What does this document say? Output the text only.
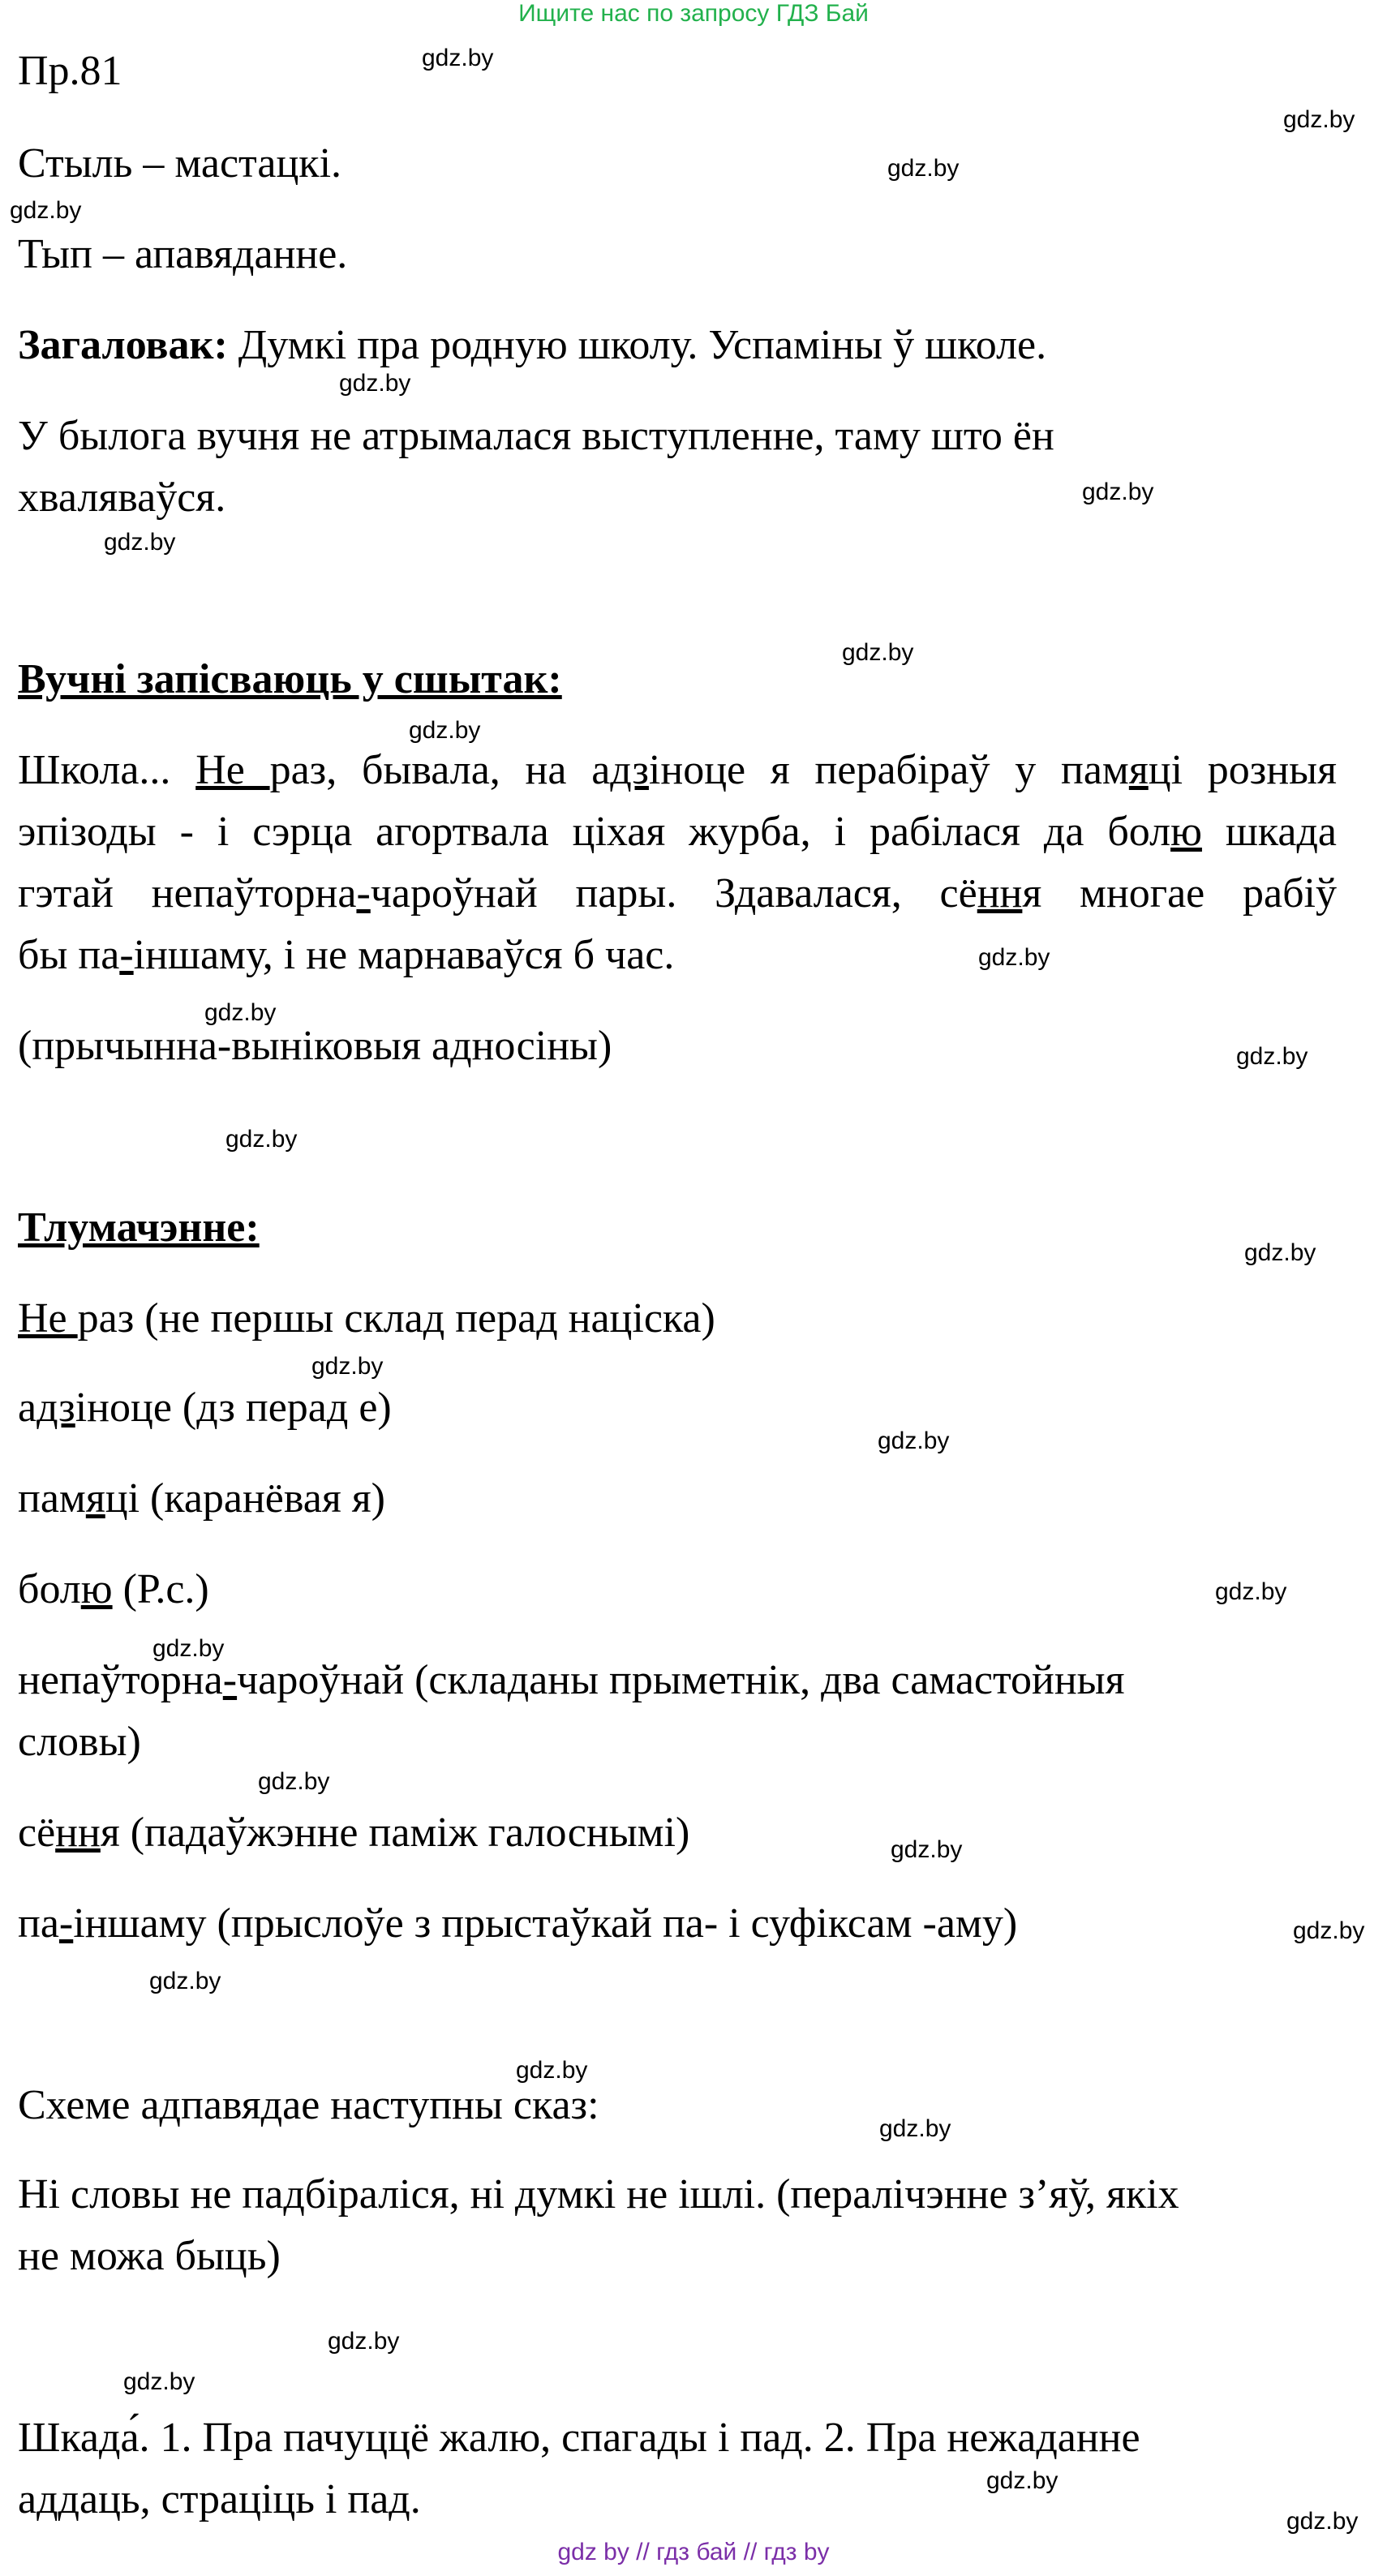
Ищите нас по запросу ГДЗ Бай
Пр.81
Стыль – мастацкі.
Тып – апавяданне.
Загаловак: Думкі пра родную школу. Успаміны ў школе.
У былога вучня не атрымалася выступленне, таму што ён
хваляваўся.
Вучні запісваюць у сшытак:
Школа... Не раз, бывала, на адзіноце я перабіраў у памяці розныя
эпізоды - і сэрца агортвала ціхая журба, і рабілася да болю шкада
гэтай непаўторна-чароўнай пары. Здавалася, сёння многае рабіў
бы па-іншаму, і не марнаваўся б час.
(прычынна-выніковыя адносіны)
Тлумачэнне:
Не раз (не першы склад перад націска)
адзіноце (дз перад е)
памяці (каранёвая я)
болю (Р.с.)
непаўторна-чароўнай (складаны прыметнік, два самастойныя
словы)
сёння (падаўжэнне паміж галоснымі)
па-іншаму (прыслоўе з прыстаўкай па- і суфіксам -аму)
Схеме адпавядае наступны сказ:
Ні словы не падбіраліся, ні думкі не ішлі. (пералічэнне з’яў, якіх
не можа быць)
Шкада́. 1. Пра пачуццё жалю, спагады і пад. 2. Пра нежаданне
аддаць, страціць і пад.
gdz.by
gdz.by
gdz.by
gdz.by
gdz.by
gdz.by
gdz.by
gdz.by
gdz.by
gdz.by
gdz.by
gdz.by
gdz.by
gdz.by
gdz.by
gdz.by
gdz.by
gdz.by
gdz.by
gdz.by
gdz.by
gdz.by
gdz.by
gdz.by
gdz.by
gdz.by
gdz.by
gdz.by
gdz by // гдз бай // гдз by
